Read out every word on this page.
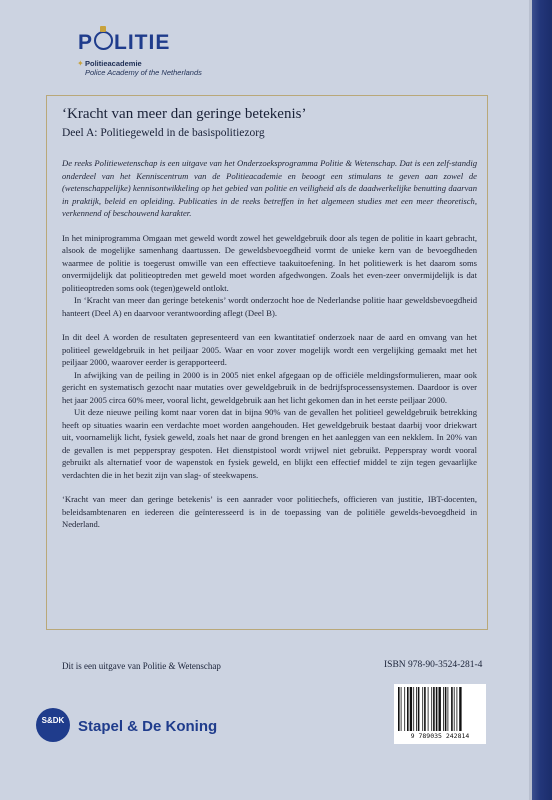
P LITIE
✦ Politieacademie
Police Academy of the Netherlands
‘Kracht van meer dan geringe betekenis’
Deel A: Politiegeweld in de basispolitiezorg

De reeks Politiewetenschap is een uitgave van het Onderzoeksprogramma Politie & Wetenschap. Dat is een zelf-standig onderdeel van het Kenniscentrum van de Politieacademie en beoogt een stimulans te geven aan zowel de (wetenschappelijke) kennisontwikkeling op het gebied van politie en veiligheid als de daadwerkelijke benutting daarvan in praktijk, beleid en opleiding. Publicaties in de reeks betreffen in het algemeen studies met een meer theoretisch, verkennend of beschouwend karakter.

In het miniprogramma Omgaan met geweld wordt zowel het geweldgebruik door als tegen de politie in kaart gebracht, alsook de mogelijke samenhang daartussen. De geweldsbevoegdheid vormt de unieke kern van de bevoegdheden waarmee de politie is toegerust omwille van een effectieve taakuitoefening. In het politiewerk is het daarom soms onvermijdelijk dat politieoptreden met geweld moet worden afgedwongen. Zoals het even-zeer onvermijdelijk is dat politieoptreden soms ook (tegen)geweld ontlokt.

In ‘Kracht van meer dan geringe betekenis’ wordt onderzocht hoe de Nederlandse politie haar geweldsbevoegdheid hanteert (Deel A) en daarvoor verantwoording aflegt (Deel B).

In dit deel A worden de resultaten gepresenteerd van een kwantitatief onderzoek naar de aard en omvang van het politieel geweldgebruik in het peiljaar 2005. Waar en voor zover mogelijk wordt een vergelijking gemaakt met het peiljaar 2000, waarover eerder is gerapporteerd.

In afwijking van de peiling in 2000 is in 2005 niet enkel afgegaan op de officiële meldingsformulieren, maar ook gericht en systematisch gezocht naar mutaties over geweldgebruik in de bedrijfsprocessensystemen. Daardoor is over het jaar 2005 circa 60% meer, vooral licht, geweldgebruik aan het licht gekomen dan in het eerste peiljaar 2000.

Uit deze nieuwe peiling komt naar voren dat in bijna 90% van de gevallen het politieel geweldgebruik betrekking heeft op situaties waarin een verdachte moet worden aangehouden. Het geweldgebruik bestaat daarbij voor driekwart uit, voornamelijk licht, fysiek geweld, zoals het naar de grond brengen en het aanleggen van een nekklem. In 20% van de gevallen is met pepperspray gespoten. Het dienstpistool wordt vrijwel niet gebruikt. Pepperspray wordt vooral gebruikt als alternatief voor de wapenstok en fysiek geweld, en blijkt een effectief middel te zijn tegen gevaarlijke verdachten die in het bezit zijn van slag- of steekwapens.

‘Kracht van meer dan geringe betekenis’ is een aanrader voor politiechefs, officieren van justitie, IBT-docenten, beleidsambtenaren en iedereen die geïnteresseerd is in de toepassing van de politiële gewelds-bevoegdheid in Nederland.

Dit is een uitgave van Politie & Wetenschap	ISBN 978-90-3524-281-4
9 789035 242814
S&DK Stapel & De Koning
